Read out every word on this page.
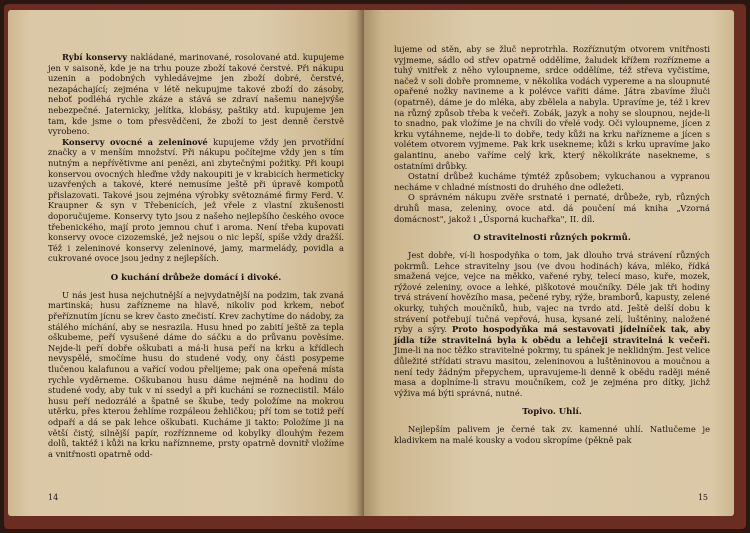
Rybí konservy nakládané, marinované, rosolované atd. kupujeme jen v saisoně, kde je na trhu pouze zboží takové čerstvé. Při nákupu uzenin a podobných vyhledávejme jen zboží dobré, čerstvé, nezapáchající; zejména v létě nekupujme takové zboží do zásoby, neboť podléhá rychle zkáze a stává se zdraví našemu nanejvýše nebezpečné. Jaternicky, jelítka, klobásy, paštiky atd. kupujeme jen tam, kde jsme o tom přesvědčeni, že zboží to jest denně čerstvě vyrobeno.

Konservy ovocné a zeleninové kupujeme vždy jen prvotřídní značky a v menším množství. Při nákupu počítejme vždy jen s tím nutným a nepřívětivme ani penězi, ani zbytečnými požitky. Při koupi konservou ovocných hleďme vždy nakoupiti je v krabicích hermeticky uzavřených a takové, které nemusíme ještě při úpravě kompotů přislazovati. Takové jsou zejména výrobky světoznámé firmy Ferd. V. Kraupner & syn v Třebenicích, jež vřele z vlastní zkušenosti doporučujeme. Konservy tyto jsou z našeho nejlepšího českého ovoce třebenického, mají proto jemnou chuť i aroma. Není třeba kupovati konservy ovoce cizozemské, jež nejsou o nic lepší, spíše vždy dražší. Též i zeleninové konservy zeleninové, jamy, marmelády, povidla a cukrované ovoce jsou jedny z nejlepších.

O kuchání drůbeže domácí i divoké.

U nás jest husa nejchutnější a nejvydatnější na podzim, tak zvaná martinská; husu zařízneme na hlavě, nikoliv pod krkem, neboť přeříznutím jícnu se krev často znečistí. Krev zachytíme do nádoby, za stálého míchání, aby se nesrazila. Husu hned po zabití ještě za tepla oškubeme, peří vysušené dáme do sáčku a do průvanu pověsíme. Nejde-li peří dobře oškubati a má-li husa peří na krku a křídlech nevyspělé, smočíme husu do studené vody, ony části posypeme tlučenou kalafunou a vařící vodou přelijeme; pak ona opeřená místa rychle vyděrneme. Oškubanou husu dáme nejméně na hodinu do studené vody, aby tuk v ní ssedyl a při kuchání se rozneciistil. Málo husu peří nedozrálé a špatně se škube, tedy položíme na mokrou utěrku, přes kterou žehlíme rozpáleou žehličkou; pří tom se totiž peří odpaří a dá se pak lehce oškubati. Kucháme ji takto: Položíme ji na větší čistý, silnější papír, rozříznneme od kobylky dlouhým řezem dolů, taktéž i kůži na krku naříznneme, prsty opatrně dovnitř vložíme a vnitřnosti opatrně odd-

14

lujeme od stěn, aby se žluč neprotrhla. Rozříznutým otvorem vnitřnosti vyjmeme, sádlo od střev opatrně oddělíme, žaludek křížem rozřízneme a tuhý vnitřek z něho vyloupneme, srdce oddělíme, též střeva vyčistíme, načež v soli dobře promneme, v několika vodách vypereme a na sloupnuté opařené nožky navineme a k polévce vařiti dáme. Játra zbavíme žluči (opatrně), dáme je do mléka, aby zbělela a nabyla. Upravíme je, též i krev na různý způsob třeba k večeři. Zobák, jazyk a nohy se sloupnou, nejde-li to snadno, pak vložíme je na chvíli do vřelé vody. Oči vyloupneme, jícen z krku vytáhneme, nejde-li to dobře, tedy kůži na krku nařízneme a jícen s volétem otvorem vyjmeme. Pak krk usekneme; kůži s krku upravíme jako galantinu, anebo vaříme celý krk, který několikráte nasekneme, s ostatními drůbky.

Ostatní drůbež kucháme týmtéž způsobem; vykuchanou a vypranou necháme v chladné místnosti do druhého dne odležeti.

O správném nákupu zvěře srstnaté i pernaté, drůbeže, ryb, různých druhů masa, zeleniny, ovoce atd. dá poučení má kniha „Vzorná domácnost", jakož i „Úsporná kuchařka", II. díl.

O stravitelnosti různých pokrmů.

Jest dobře, ví-li hospodyňka o tom, jak dlouho trvá strávení různých pokrmů. Lehce stravitelny jsou (ve dvou hodinách) káva, mléko, řídká smažená vejce, vejce na měkko, vařené ryby, telecí maso, kuře, mozek, rýžové zeleniny, ovoce a lehké, piškotové moučníky. Déle jak tři hodiny trvá strávení hovězího masa, pečené ryby, rýže, bramborů, kapusty, zelené okurky, tuhých moučníků, hub, vajec na tvrdo atd. Ještě delší dobu k strávení potřebují tučná vepřová, husa, kysané zelí, luštěniny, naložené ryby a sýry. Proto hospodyňka má sestavovati jídelníček tak, aby jídla tíže stravitelná byla k obědu a lehčeji stravitelná k večeři. Jime-li na noc těžko stravitelné pokrmy, tu spánek je neklidným. Jest velice důležité střídati stravu masitou, zeleninovou a luštěninovou a moučnou a není tedy žádným přepychem, upravujeme-li denně k obědu raději méně masa a doplníme-li stravu moučníkem, což je zejména pro dítky, jichž výživa má býti správná, nutné.

Topivo. Uhlí.

Nejlepším palivem je černé tak zv. kamenné uhlí. Natlučeme je kladivkem na malé kousky a vodou skropíme (pěkně pak

15
